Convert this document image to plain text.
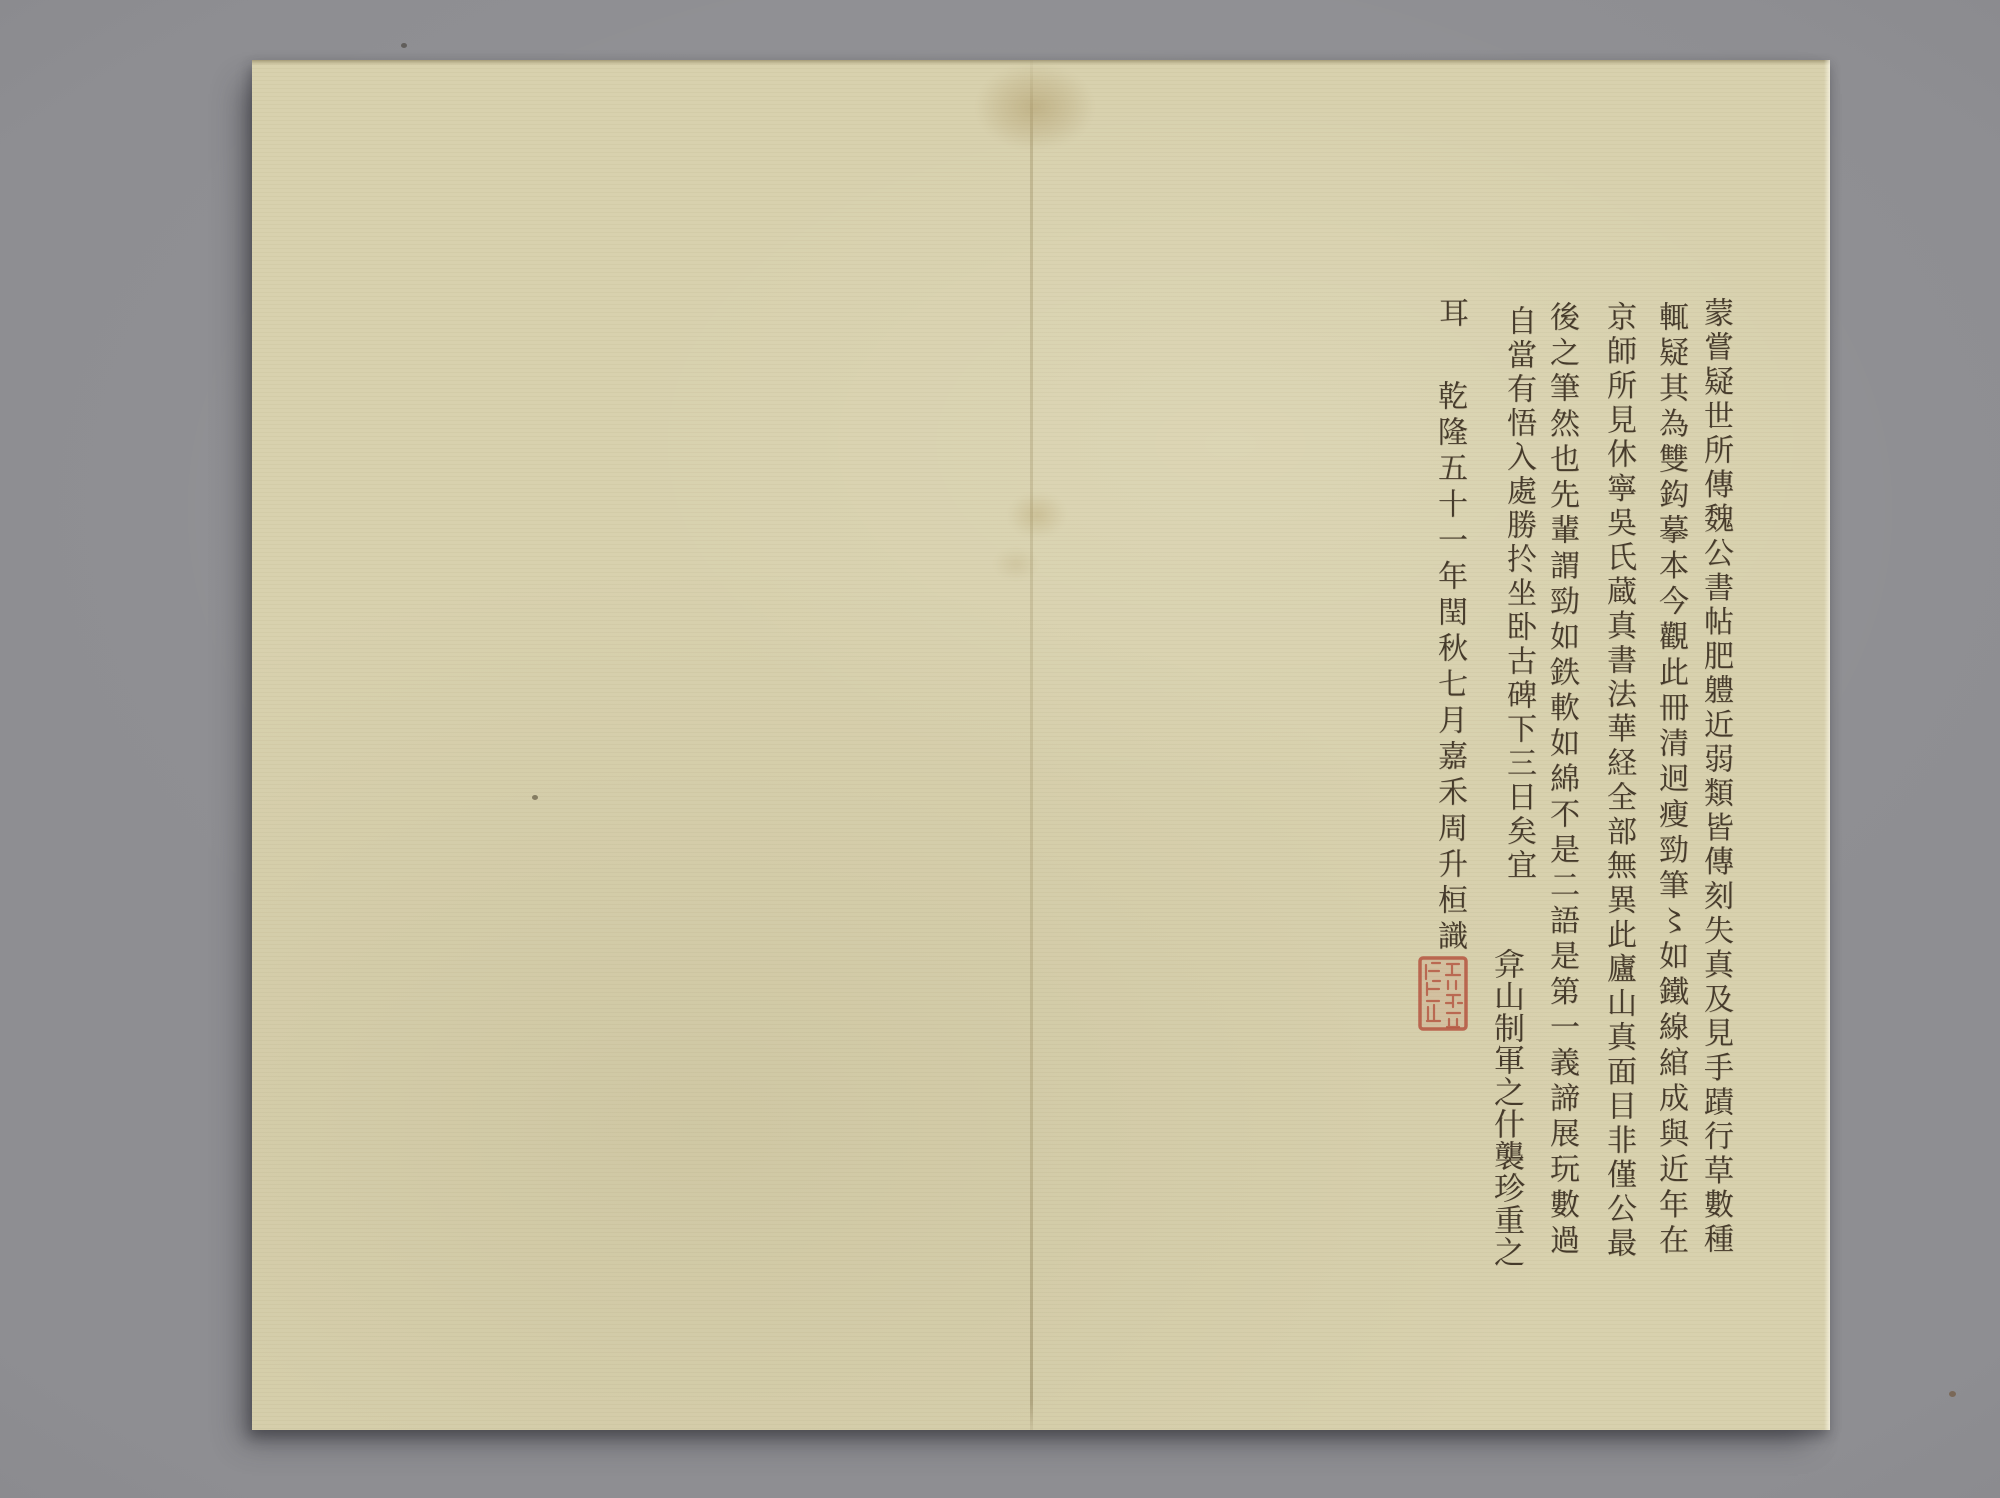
蒙嘗疑世所傳魏公書帖肥軆近弱類皆傳刻失真及見手蹟行草數種
輒疑其為雙鈎摹本今觀此冊清迥瘦勁筆〻如鐵線綰成與近年在
京師所見休寧吳氏蔵真書法華経全部無異此廬山真面目非僅公最
後之筆然也先輩謂勁如鉄軟如綿不是二語是第一義諦展玩數過
自當有悟入處勝扵坐卧古碑下三日矣宜
弇山制軍之什襲珍重之
耳
乾隆五十一年閏秋七月嘉禾周升桓識
